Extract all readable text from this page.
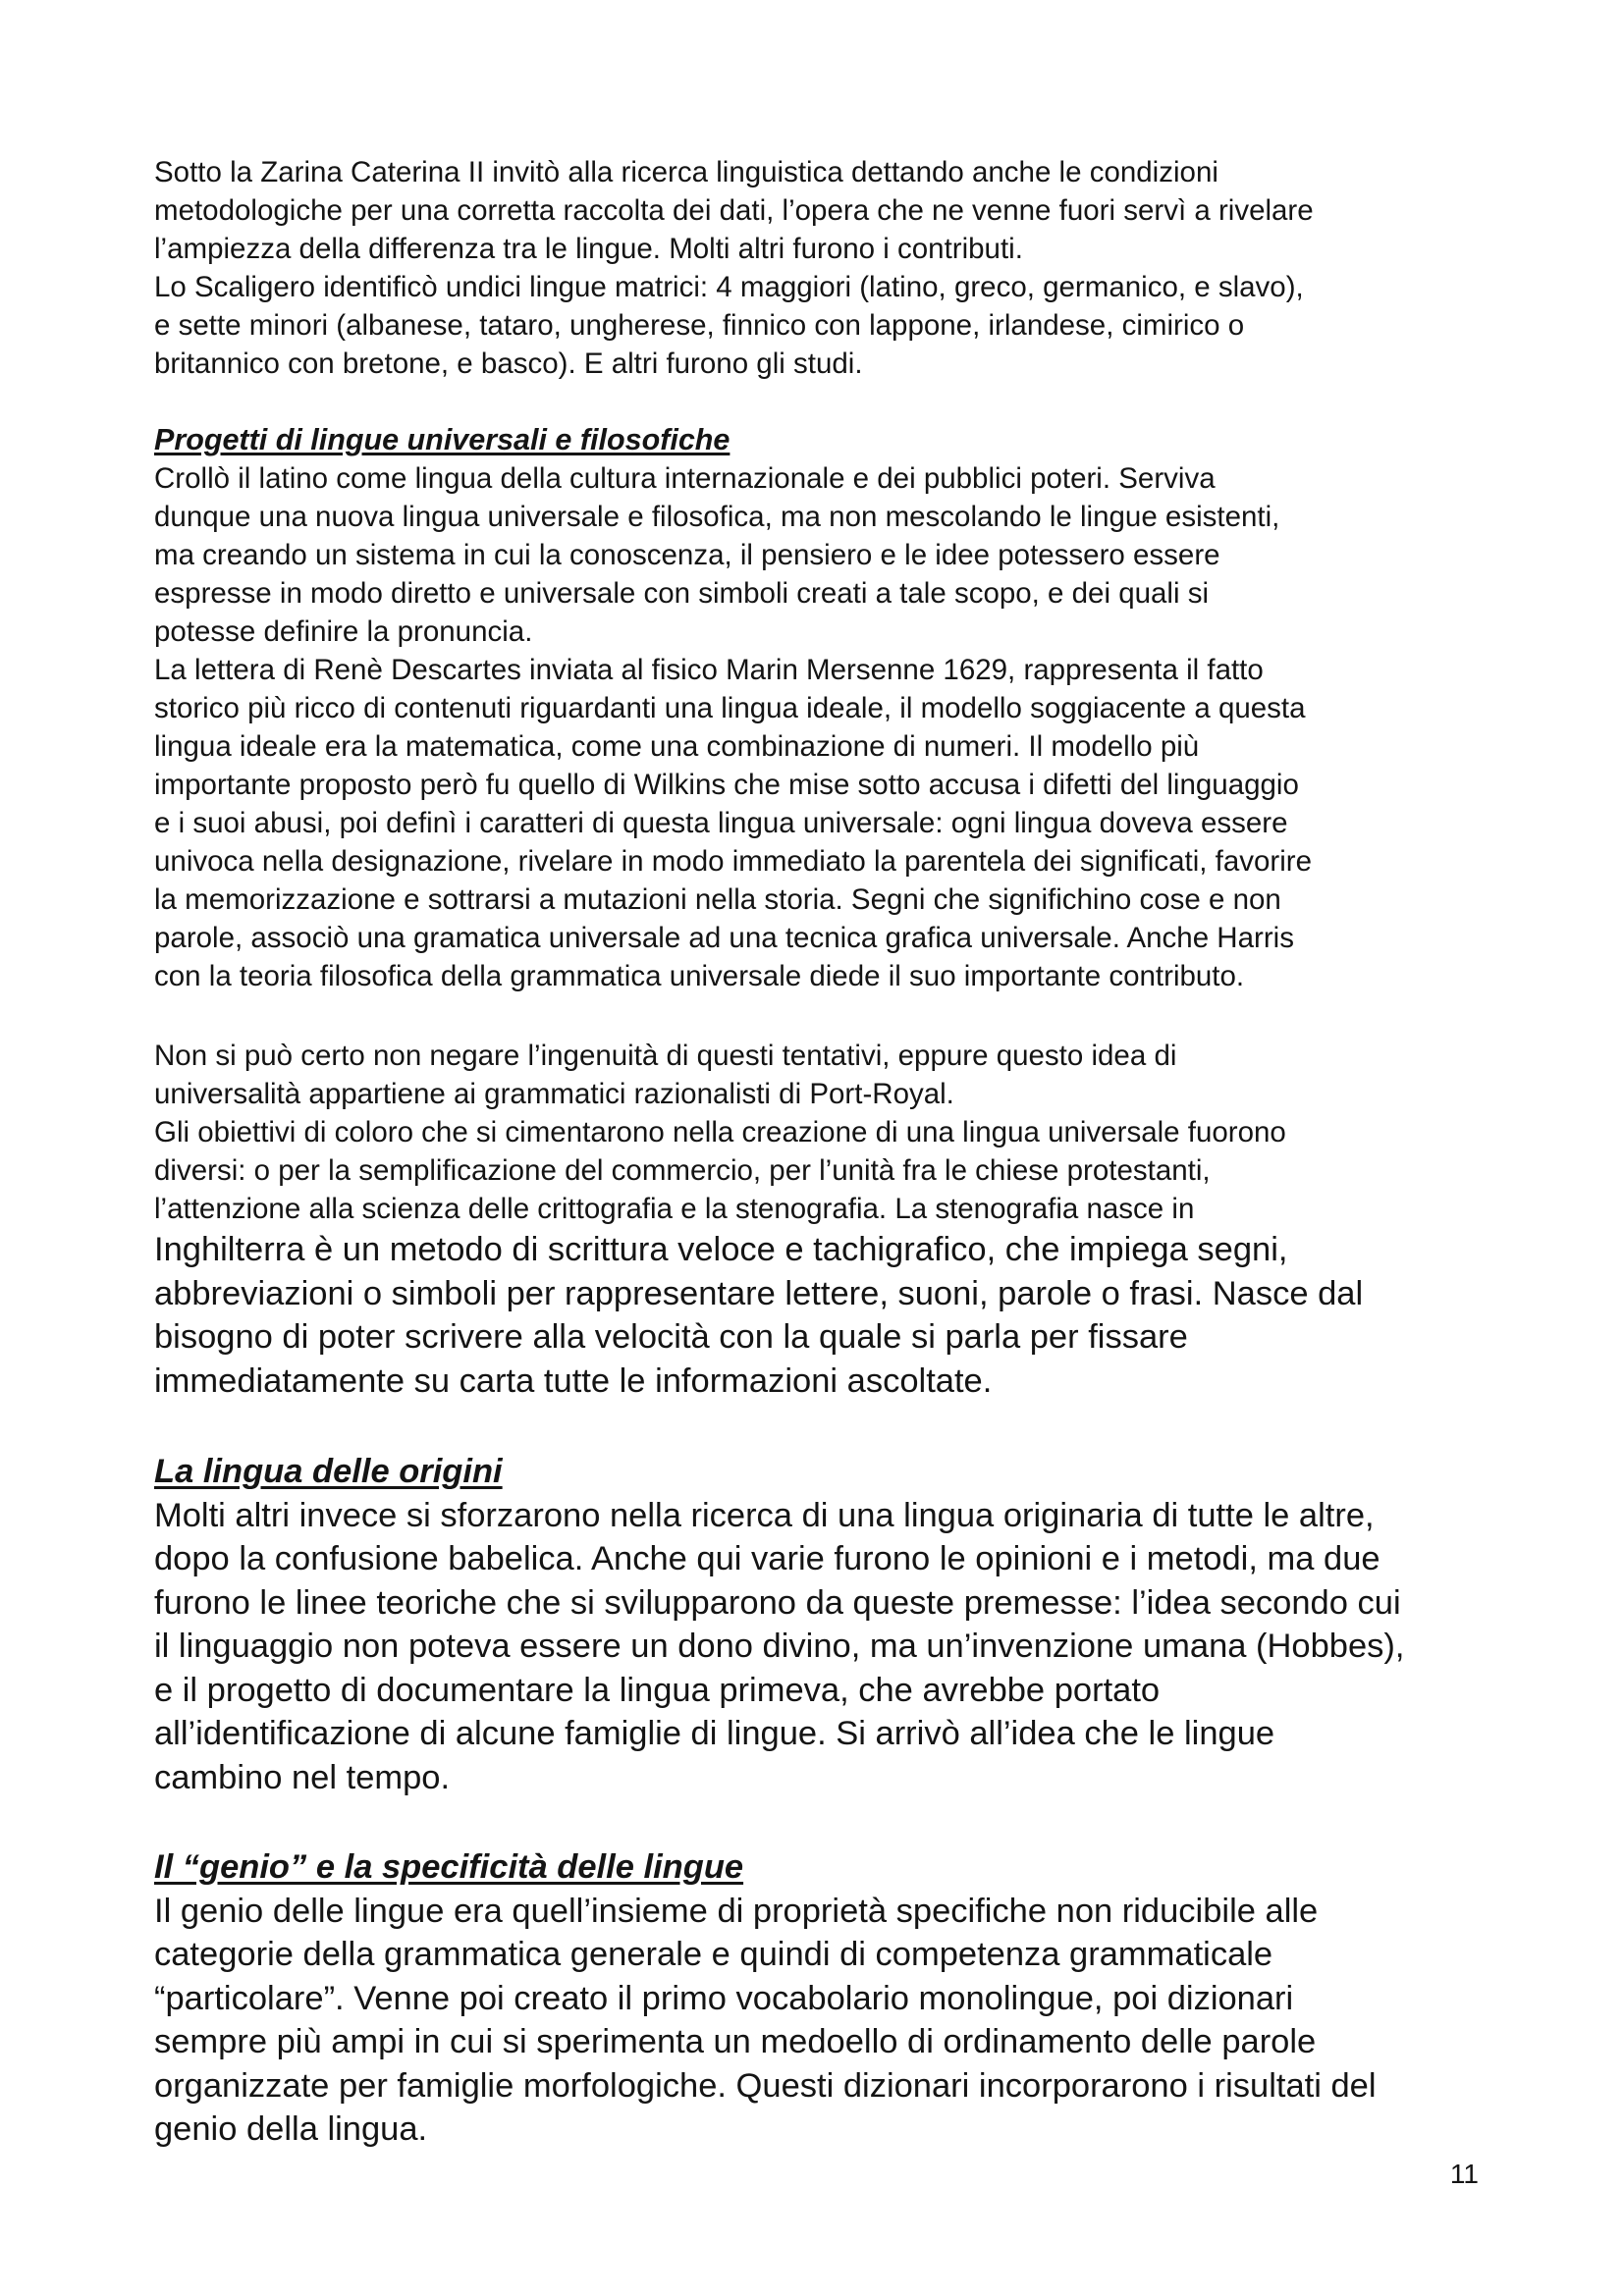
Sotto la Zarina Caterina II invitò alla ricerca linguistica dettando anche le condizioni
metodologiche per una corretta raccolta dei dati, l’opera che ne venne fuori servì a rivelare
l’ampiezza della differenza tra le lingue. Molti altri furono i contributi.
Lo Scaligero identificò undici lingue matrici: 4 maggiori (latino, greco, germanico, e slavo),
e sette minori (albanese, tataro, ungherese, finnico con lappone, irlandese, cimirico o
britannico con bretone, e basco). E altri furono gli studi.
Progetti di lingue universali e filosofiche
Crollò il latino come lingua della cultura internazionale e dei pubblici poteri. Serviva
dunque una nuova lingua universale e filosofica, ma non mescolando le lingue esistenti,
ma creando un sistema in cui la conoscenza, il pensiero e le idee potessero essere
espresse in modo diretto e universale con simboli creati a tale scopo, e dei quali si
potesse definire la pronuncia.
La lettera di Renè Descartes inviata al fisico Marin Mersenne 1629, rappresenta il fatto
storico più ricco di contenuti riguardanti una lingua ideale, il modello soggiacente a questa
lingua ideale era la matematica, come una combinazione di numeri. Il modello più
importante proposto però fu quello di Wilkins che mise sotto accusa i difetti del linguaggio
e i suoi abusi, poi definì i caratteri di questa lingua universale: ogni lingua doveva essere
univoca nella designazione, rivelare in modo immediato la parentela dei significati, favorire
la memorizzazione e sottrarsi a mutazioni nella storia. Segni che significhino cose e non
parole, associò una gramatica universale ad una tecnica grafica universale. Anche Harris
con la teoria filosofica della grammatica universale diede il suo importante contributo.
Non si può certo non negare l’ingenuità di questi tentativi, eppure questo idea di
universalità appartiene ai grammatici razionalisti di Port-Royal.
Gli obiettivi di coloro che si cimentarono nella creazione di una lingua universale fuorono
diversi: o per la semplificazione del commercio, per l’unità fra le chiese protestanti,
l’attenzione alla scienza delle crittografia e la stenografia. La stenografia nasce in
Inghilterra è un metodo di scrittura veloce e tachigrafico, che impiega segni,
abbreviazioni o simboli per rappresentare lettere, suoni, parole o frasi. Nasce dal
bisogno di poter scrivere alla velocità con la quale si parla per fissare
immediatamente su carta tutte le informazioni ascoltate.
La lingua delle origini
Molti altri invece si sforzarono nella ricerca di una lingua originaria di tutte le altre,
dopo la confusione babelica. Anche qui varie furono le opinioni e i metodi, ma due
furono le linee teoriche che si svilupparono da queste premesse: l’idea secondo cui
il linguaggio non poteva essere un dono divino, ma un’invenzione umana (Hobbes),
e il progetto di documentare la lingua primeva, che avrebbe portato
all’identificazione di alcune famiglie di lingue. Si arrivò all’idea che le lingue
cambino nel tempo.
Il “genio” e la specificità delle lingue
Il genio delle lingue era quell’insieme di proprietà specifiche non riducibile alle
categorie della grammatica generale e quindi di competenza grammaticale
“particolare”. Venne poi creato il primo vocabolario monolingue, poi dizionari
sempre più ampi in cui si sperimenta un medoello di ordinamento delle parole
organizzate per famiglie morfologiche. Questi dizionari incorporarono i risultati del
genio della lingua.
11
